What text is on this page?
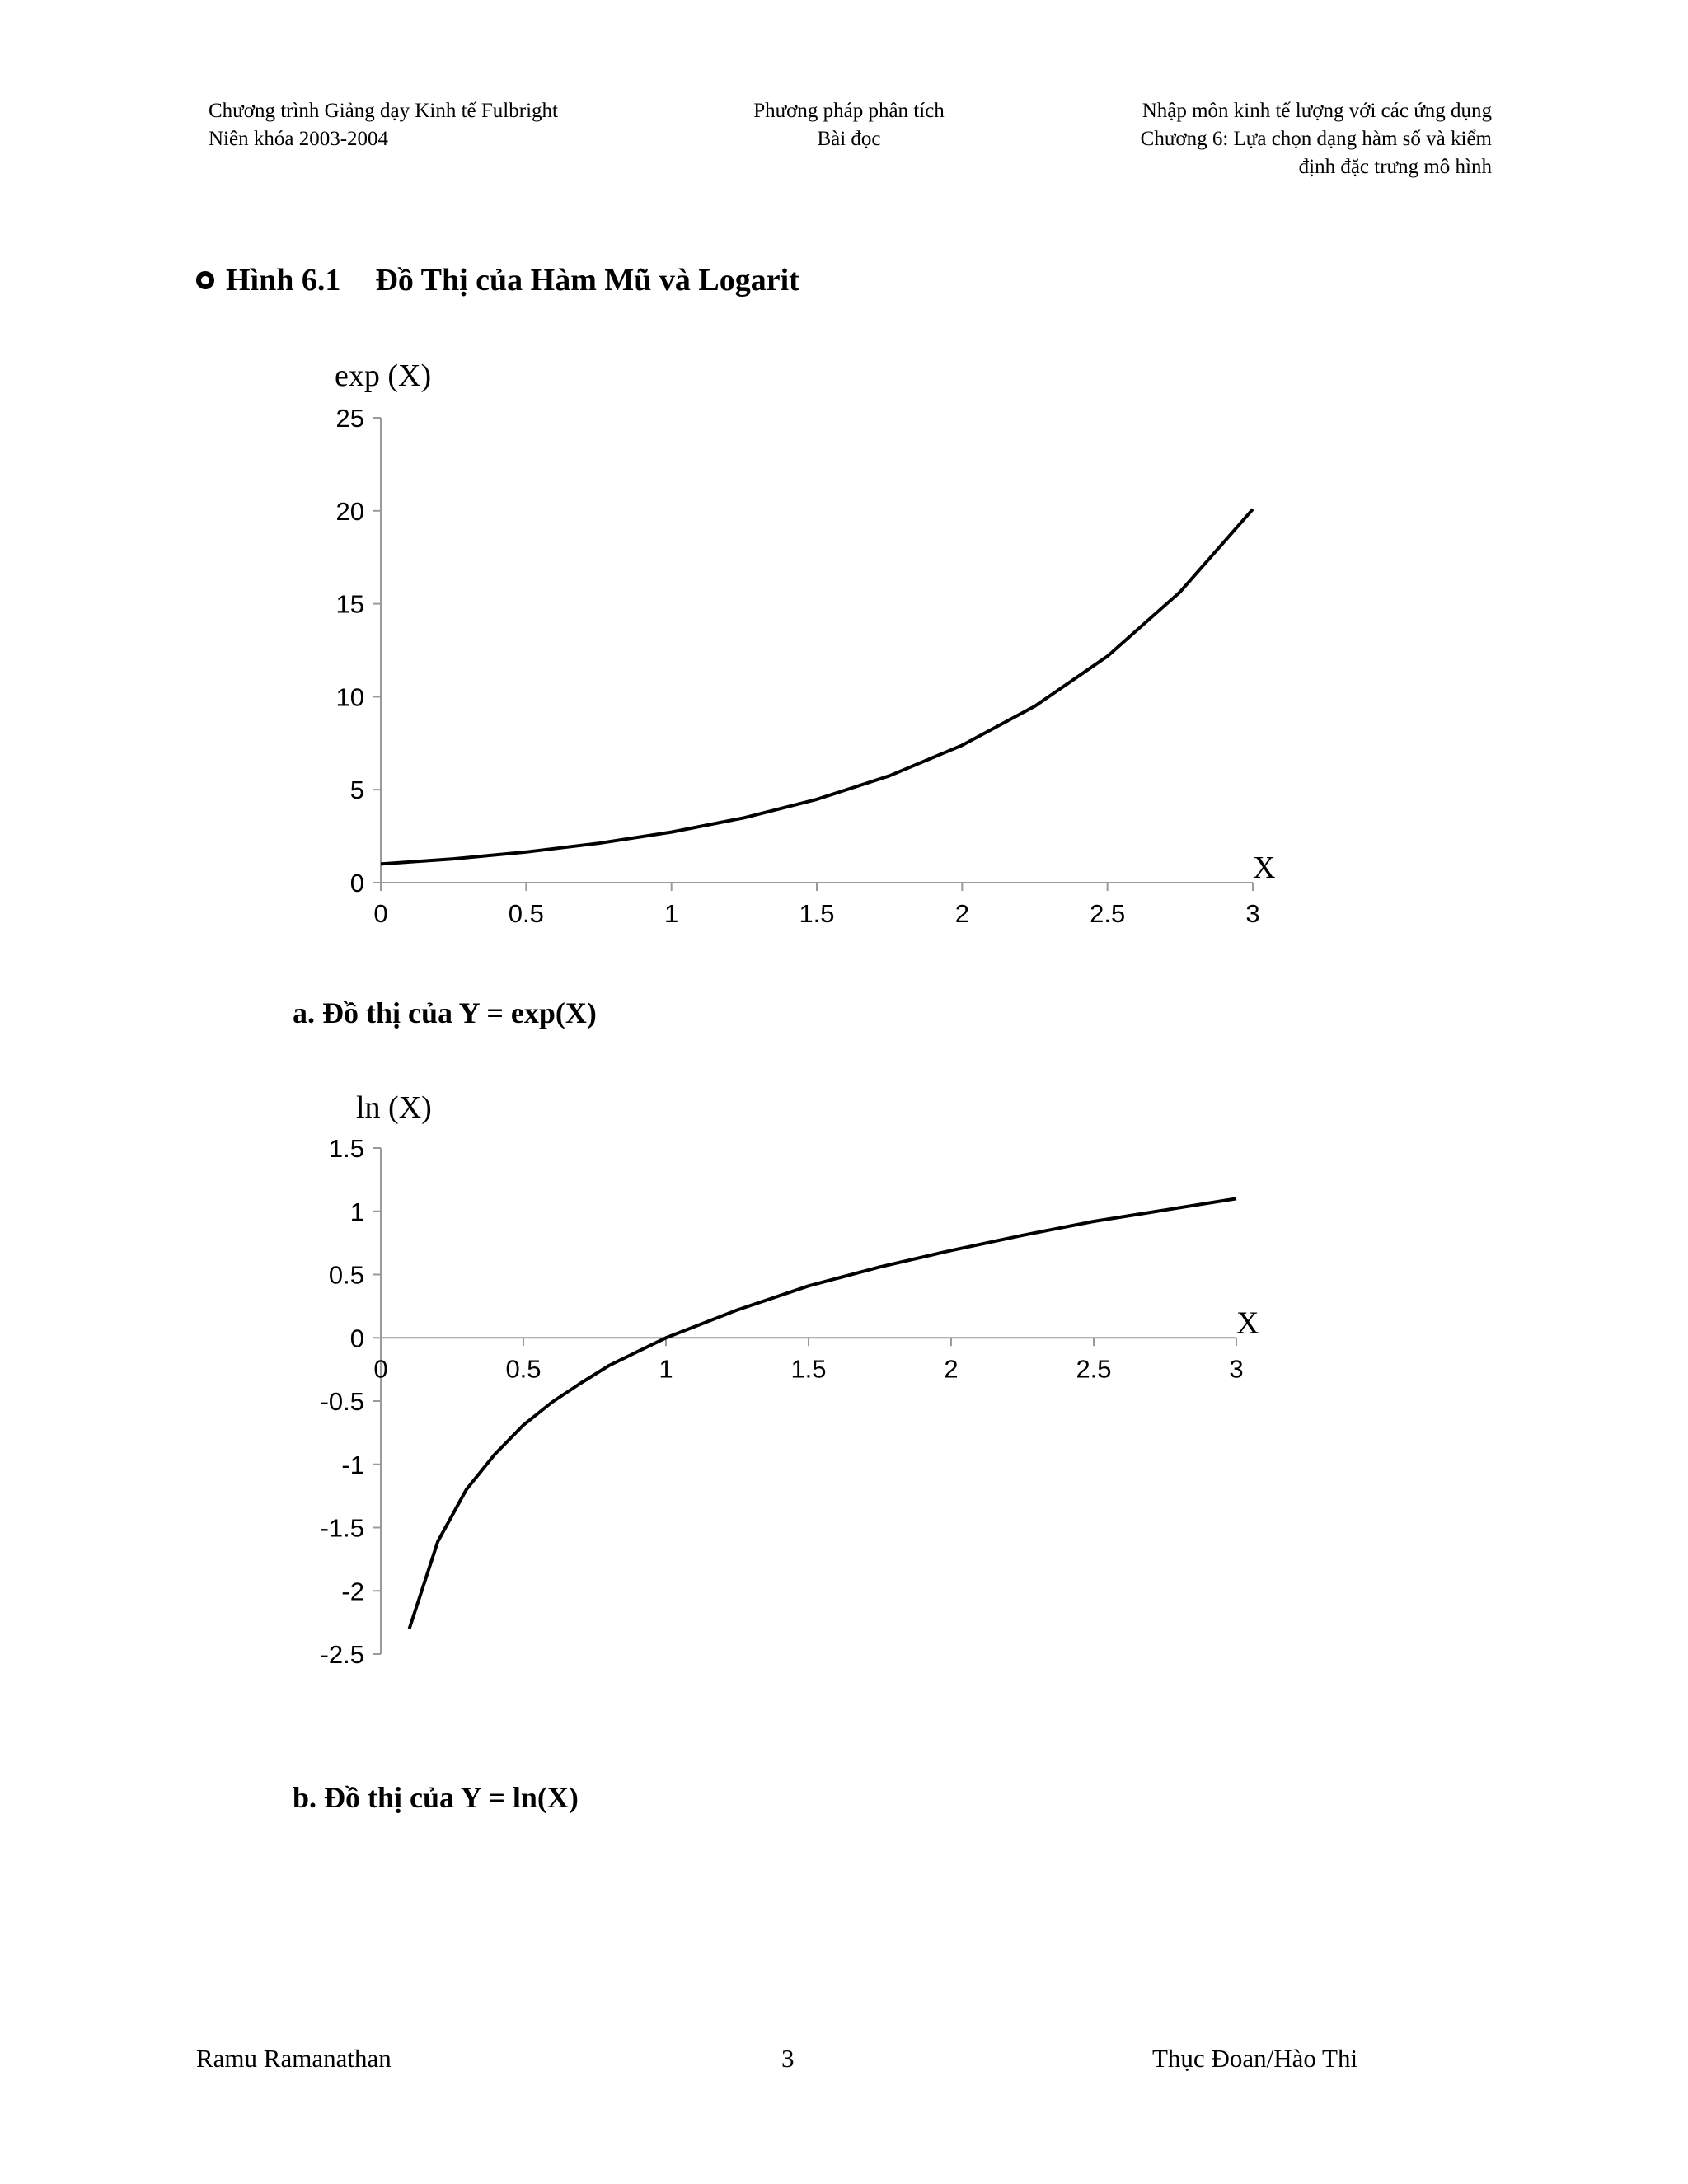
Chương trình Giảng dạy Kinh tế Fulbright
Niên khóa 2003-2004
Phương pháp phân tích
Bài đọc
Nhập môn kinh tế lượng với các ứng dụng
Chương 6: Lựa chọn dạng hàm số và kiểm
định đặc trưng mô hình
Hình 6.1 Đồ Thị của Hàm Mũ và Logarit
0
5
10
15
20
25
0	0.5	1	1.5	2	2.5	3
exp (X)
X
a. Đồ thị của Y = exp(X)
1.5
1
0.5
0
-0.5
-1
-1.5
-2
-2.5
0	0.5	1	1.5	2	2.5	3
ln (X)
X
b. Đồ thị của Y = ln(X)
Ramu Ramanathan	3	Thục Đoan/Hào Thi
